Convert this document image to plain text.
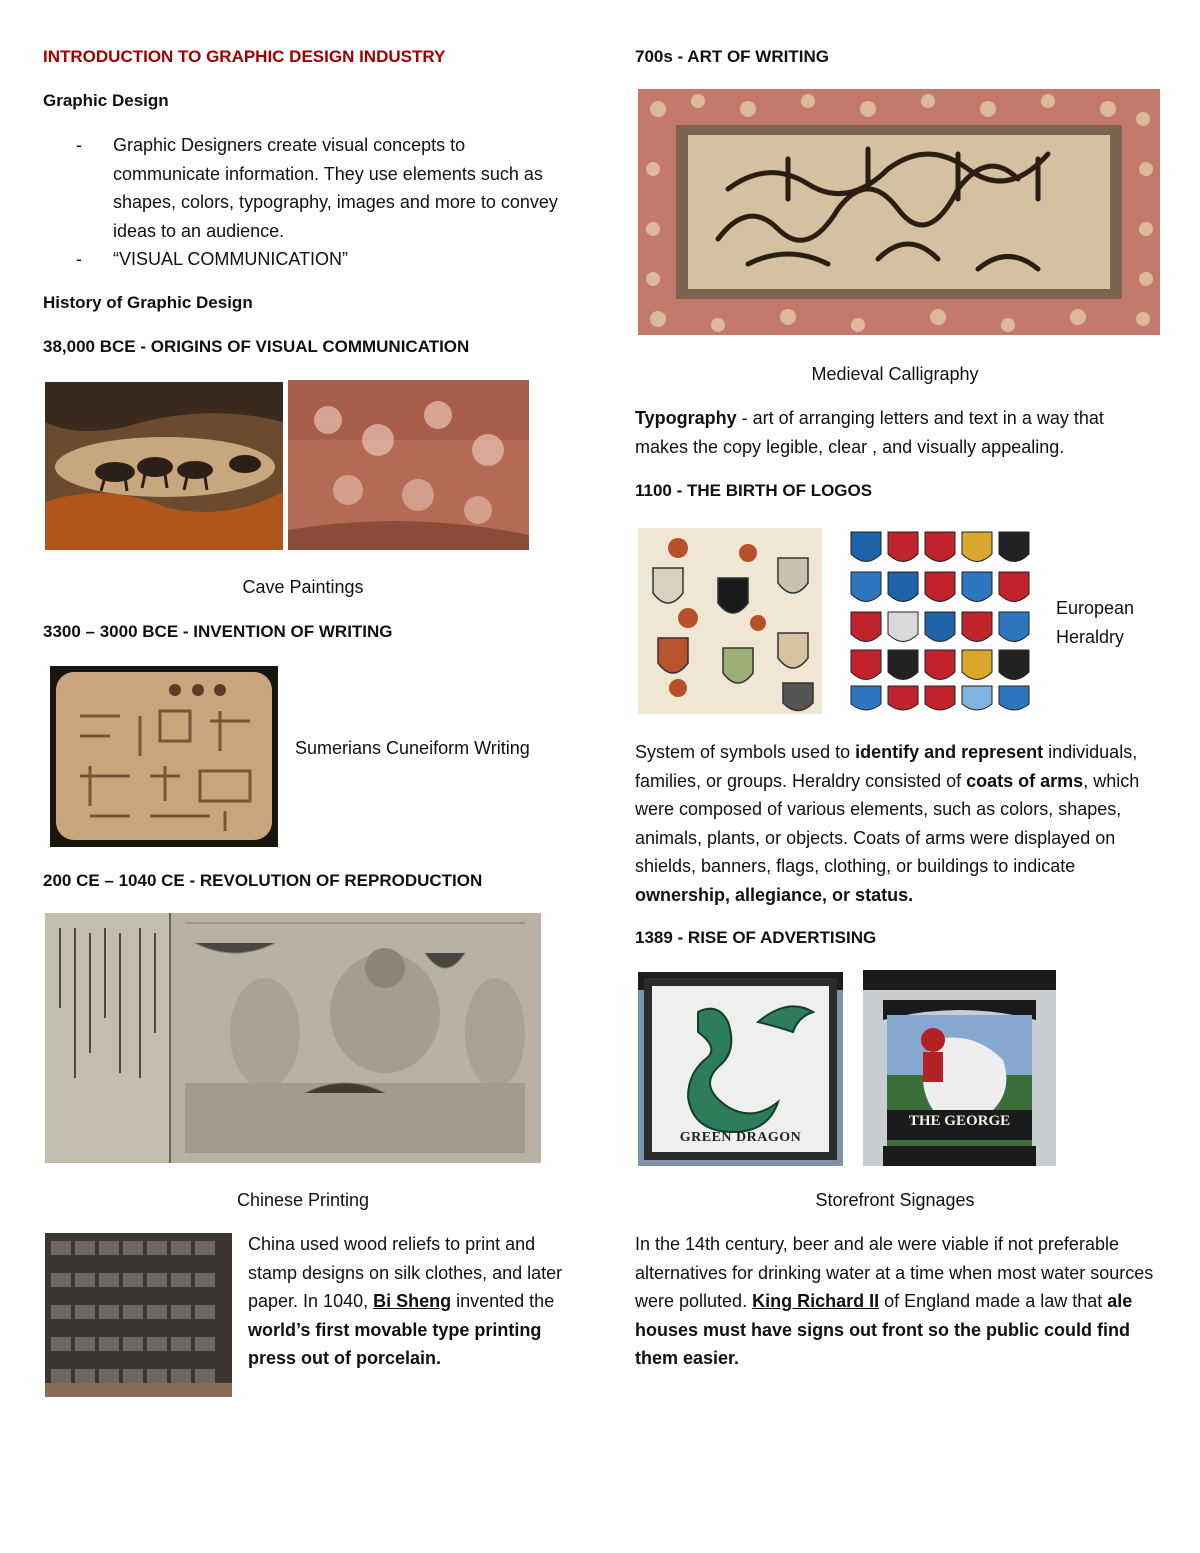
INTRODUCTION TO GRAPHIC DESIGN INDUSTRY
Graphic Design
- Graphic Designers create visual concepts to communicate information. They use elements such as shapes, colors, typography, images and more to convey ideas to an audience.
- “VISUAL COMMUNICATION”
History of Graphic Design
38,000 BCE - ORIGINS OF VISUAL COMMUNICATION
Cave Paintings
3300 – 3000 BCE - INVENTION OF WRITING
Sumerians Cuneiform Writing
200 CE – 1040 CE - REVOLUTION OF REPRODUCTION
Chinese Printing
China used wood reliefs to print and stamp designs on silk clothes, and later paper. In 1040, Bi Sheng invented the world’s first movable type printing press out of porcelain.
700s - ART OF WRITING
Medieval Calligraphy
Typography - art of arranging letters and text in a way that makes the copy legible, clear , and visually appealing.
1100 - THE BIRTH OF LOGOS
European
Heraldry
System of symbols used to identify and represent individuals, families, or groups. Heraldry consisted of coats of arms, which were composed of various elements, such as colors, shapes, animals, plants, or objects. Coats of arms were displayed on shields, banners, flags, clothing, or buildings to indicate ownership, allegiance, or status.
1389 - RISE OF ADVERTISING
GREEN DRAGON
THE GEORGE
Storefront Signages
In the 14th century, beer and ale were viable if not preferable alternatives for drinking water at a time when most water sources were polluted. King Richard II of England made a law that ale houses must have signs out front so the public could find them easier.
